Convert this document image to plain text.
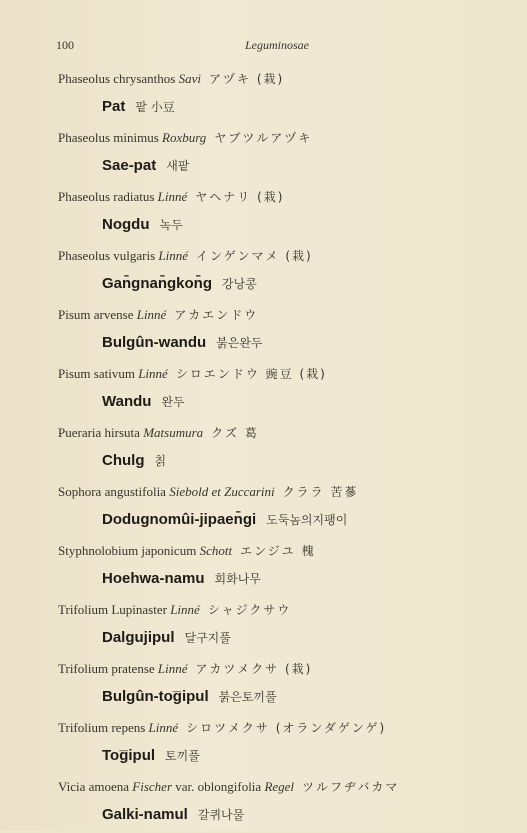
100	Leguminosae
Phaseolus chrysanthos Savi アヅキ (栽)
Pat 팥 小豆
Phaseolus minimus Roxburg ヤブツルアヅキ
Sae-pat 새팥
Phaseolus radiatus Linné ヤヘナリ (栽)
Nogdu 녹두
Phaseolus vulgaris Linné インゲンマメ (栽)
Gan̄gnan̄gkon̄g 강낭콩
Pisum arvense Linné アカエンドウ
Bulgûn-wandu 붉은완두
Pisum sativum Linné シロエンドウ 豌豆 (栽)
Wandu 완두
Pueraria hirsuta Matsumura クズ 葛
Chulg 칡
Sophora angustifolia Siebold et Zuccarini クララ 苦蔘
Dodugnomûi-jipaen̄gi 도둑놈의지팽이
Styphnolobium japonicum Schott エンジユ 槐
Hoehwa-namu 회화나무
Trifolium Lupinaster Linné シャジクサウ
Dalgujipul 달구지풀
Trifolium pratense Linné アカツメクサ (栽)
Bulgûn-tog̅ipul 붉은토끼풀
Trifolium repens Linné シロツメクサ (オランダゲンゲ)
Tog̅ipul 토끼풀
Vicia amoena Fischer var. oblongifolia Regel ツルフヂバカマ
Galki-namul 갈퀴나물
